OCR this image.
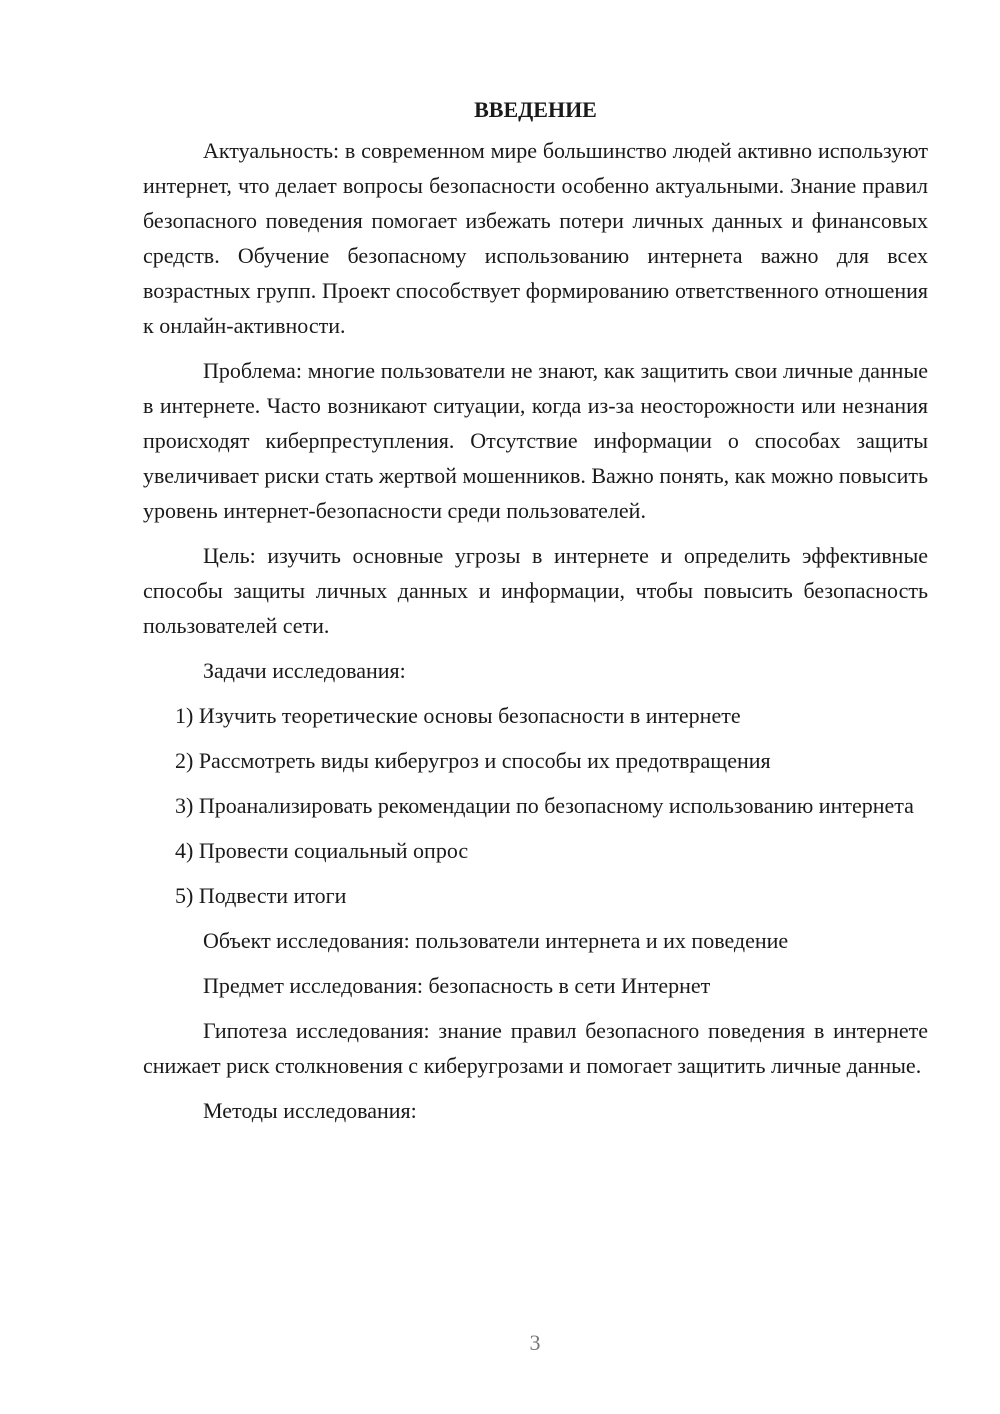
ВВЕДЕНИЕ

Актуальность: в современном мире большинство людей активно используют интернет, что делает вопросы безопасности особенно актуальными. Знание правил безопасного поведения помогает избежать потери личных данных и финансовых средств. Обучение безопасному использованию интернета важно для всех возрастных групп. Проект способствует формированию ответственного отношения к онлайн-активности.

Проблема: многие пользователи не знают, как защитить свои личные данные в интернете. Часто возникают ситуации, когда из-за неосторожности или незнания происходят киберпреступления. Отсутствие информации о способах защиты увеличивает риски стать жертвой мошенников. Важно понять, как можно повысить уровень интернет-безопасности среди пользователей.

Цель: изучить основные угрозы в интернете и определить эффективные способы защиты личных данных и информации, чтобы повысить безопасность пользователей сети.

Задачи исследования:

1) Изучить теоретические основы безопасности в интернете

2) Рассмотреть виды киберугроз и способы их предотвращения

3) Проанализировать рекомендации по безопасному использованию интернета

4) Провести социальный опрос

5) Подвести итоги

Объект исследования: пользователи интернета и их поведение

Предмет исследования: безопасность в сети Интернет

Гипотеза исследования: знание правил безопасного поведения в интернете снижает риск столкновения с киберугрозами и помогает защитить личные данные.

Методы исследования:

3
